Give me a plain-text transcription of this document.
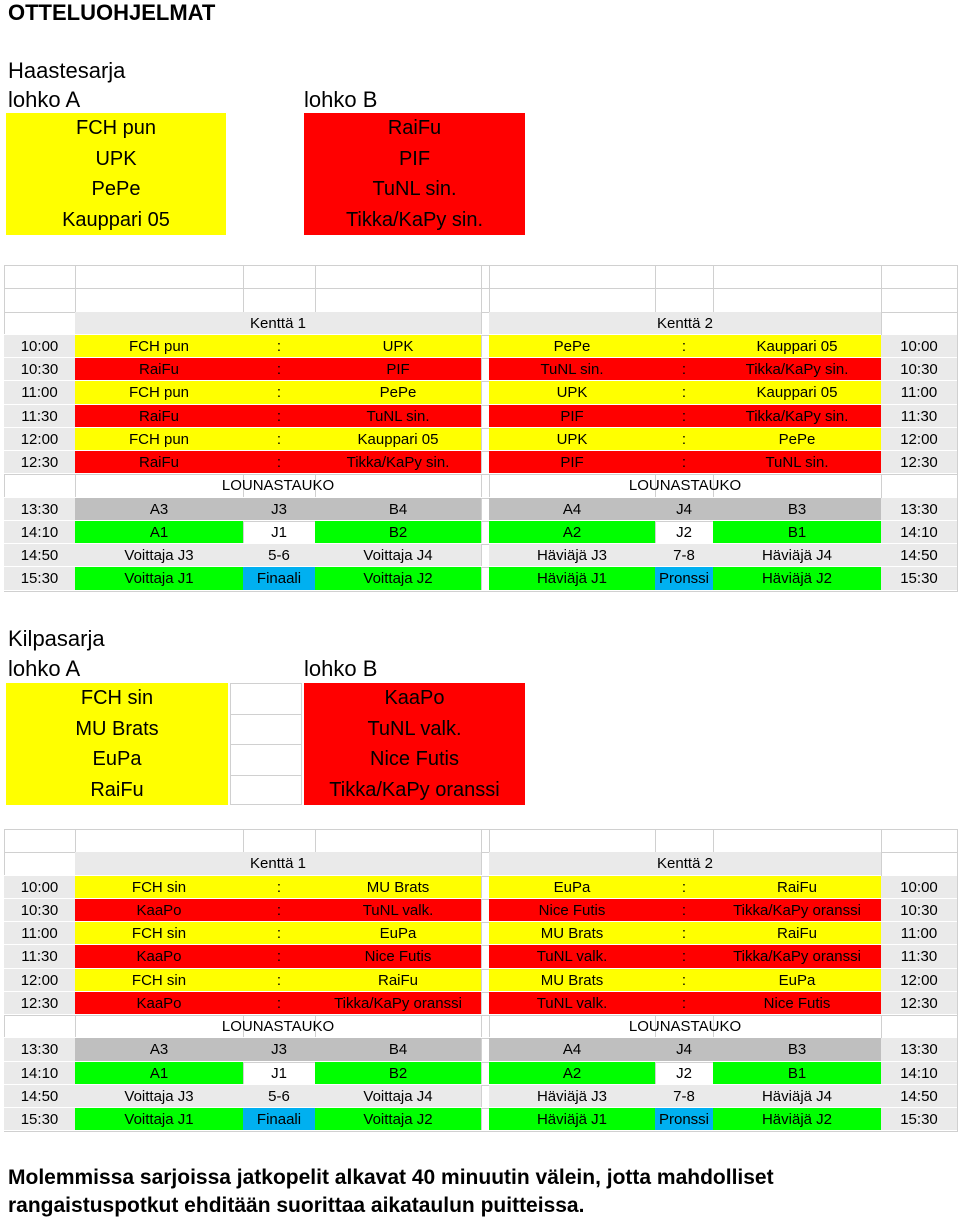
OTTELUOHJELMAT
Haastesarja
lohko A	lohko B
FCH pun
UPK
PePe
Kauppari 05
RaiFu
PIF
TuNL sin.
Tikka/KaPy sin.
Kenttä 1	Kenttä 2
10:00	FCH pun	:	UPK	PePe	:	Kauppari 05	10:00
10:30	RaiFu	:	PIF	TuNL sin.	:	Tikka/KaPy sin.	10:30
11:00	FCH pun	:	PePe	UPK	:	Kauppari 05	11:00
11:30	RaiFu	:	TuNL sin.	PIF	:	Tikka/KaPy sin.	11:30
12:00	FCH pun	:	Kauppari 05	UPK	:	PePe	12:00
12:30	RaiFu	:	Tikka/KaPy sin.	PIF	:	TuNL sin.	12:30
LOUNASTAUKO	LOUNASTAUKO
13:30	A3	J3	B4	A4	J4	B3	13:30
14:10	A1	J1	B2	A2	J2	B1	14:10
14:50	Voittaja J3	5-6	Voittaja J4	Häviäjä J3	7-8	Häviäjä J4	14:50
15:30	Voittaja J1	Finaali	Voittaja J2	Häviäjä J1	Pronssi	Häviäjä J2	15:30
Kilpasarja
lohko A	lohko B
FCH sin
MU Brats
EuPa
RaiFu
KaaPo
TuNL valk.
Nice Futis
Tikka/KaPy oranssi
Kenttä 1	Kenttä 2
10:00	FCH sin	:	MU Brats	EuPa	:	RaiFu	10:00
10:30	KaaPo	:	TuNL valk.	Nice Futis	:	Tikka/KaPy oranssi	10:30
11:00	FCH sin	:	EuPa	MU Brats	:	RaiFu	11:00
11:30	KaaPo	:	Nice Futis	TuNL valk.	:	Tikka/KaPy oranssi	11:30
12:00	FCH sin	:	RaiFu	MU Brats	:	EuPa	12:00
12:30	KaaPo	:	Tikka/KaPy oranssi	TuNL valk.	:	Nice Futis	12:30
LOUNASTAUKO	LOUNASTAUKO
13:30	A3	J3	B4	A4	J4	B3	13:30
14:10	A1	J1	B2	A2	J2	B1	14:10
14:50	Voittaja J3	5-6	Voittaja J4	Häviäjä J3	7-8	Häviäjä J4	14:50
15:30	Voittaja J1	Finaali	Voittaja J2	Häviäjä J1	Pronssi	Häviäjä J2	15:30
Molemmissa sarjoissa jatkopelit alkavat 40 minuutin välein, jotta mahdolliset rangaistuspotkut ehditään suorittaa aikataulun puitteissa.
